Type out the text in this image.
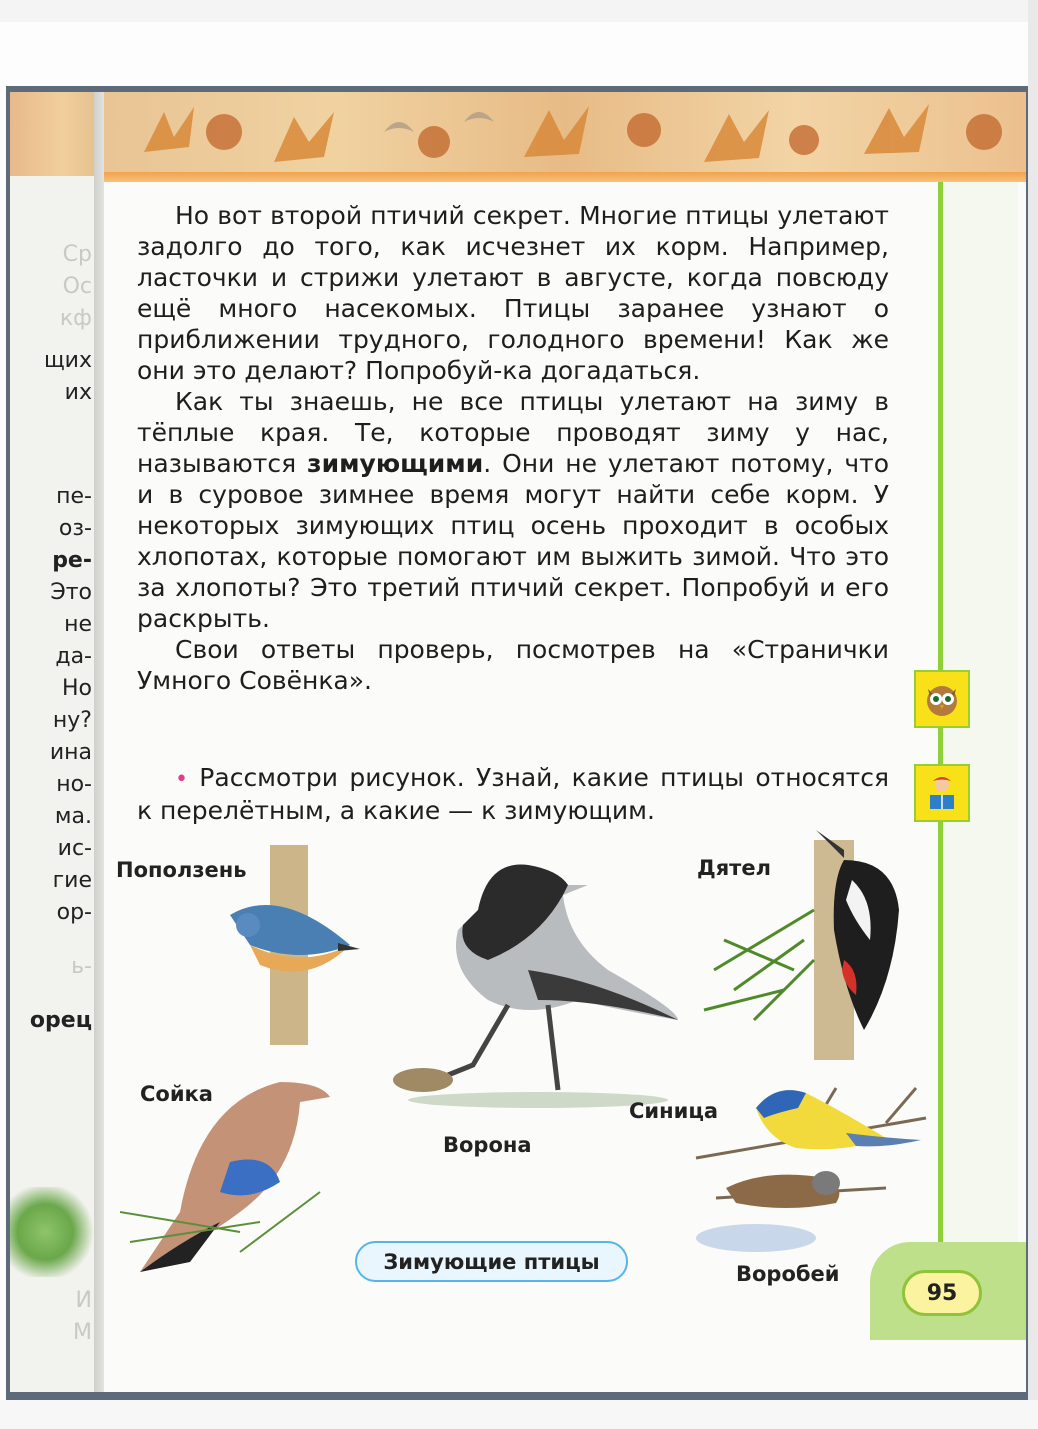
Ср
Ос
кф
щих
их
пе-
оз-
ре-
Это
не
да-
Но
ну?
ина
но-
ма.
ис-
гие
ор-
ь-
орец
И
М

Но вот второй птичий секрет. Многие птицы улетают задолго до того, как исчезнет их корм. Например, ласточки и стрижи улетают в августе, когда повсюду ещё много насекомых. Птицы заранее узнают о приближении трудного, голодного времени! Как же они это делают? Попробуй-ка догадаться.

Как ты знаешь, не все птицы улетают на зиму в тёплые края. Те, которые проводят зиму у нас, называются зимующими. Они не улетают потому, что и в суровое зимнее время могут найти себе корм. У некоторых зимующих птиц осень проходит в особых хлопотах, которые помогают им выжить зимой. Что это за хлопоты? Это третий птичий секрет. Попробуй и его раскрыть.

Свои ответы проверь, посмотрев на «Странички Умного Совёнка».

• Рассмотри рисунок. Узнай, какие птицы относятся к перелётным, а какие — к зимующим.
Поползень
Ворона
Дятел
Сойка
Синица
Воробей
Зимующие птицы
95
